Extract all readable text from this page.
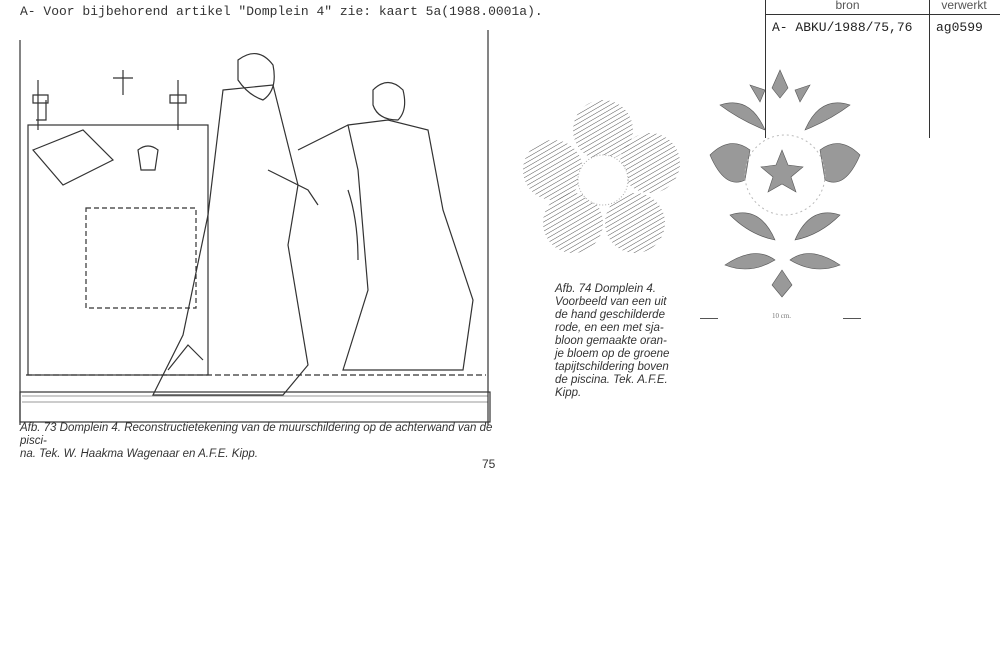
A- Voor bijbehorend artikel "Domplein 4" zie: kaart 5a(1988.0001a).	bron	verwerkt
A- ABKU/1988/75,76 ag0599
Afb. 73 Domplein 4. Reconstructietekening van de muurschildering op de achterwand van de pisci-
na. Tek. W. Haakma Wagenaar en A.F.E. Kipp.
10 cm.
Afb. 74 Domplein 4.
Voorbeeld van een uit
de hand geschilderde
rode, en een met sja-
bloon gemaakte oran-
je bloem op de groene
tapijtschildering boven
de piscina. Tek. A.F.E.
Kipp.
75
